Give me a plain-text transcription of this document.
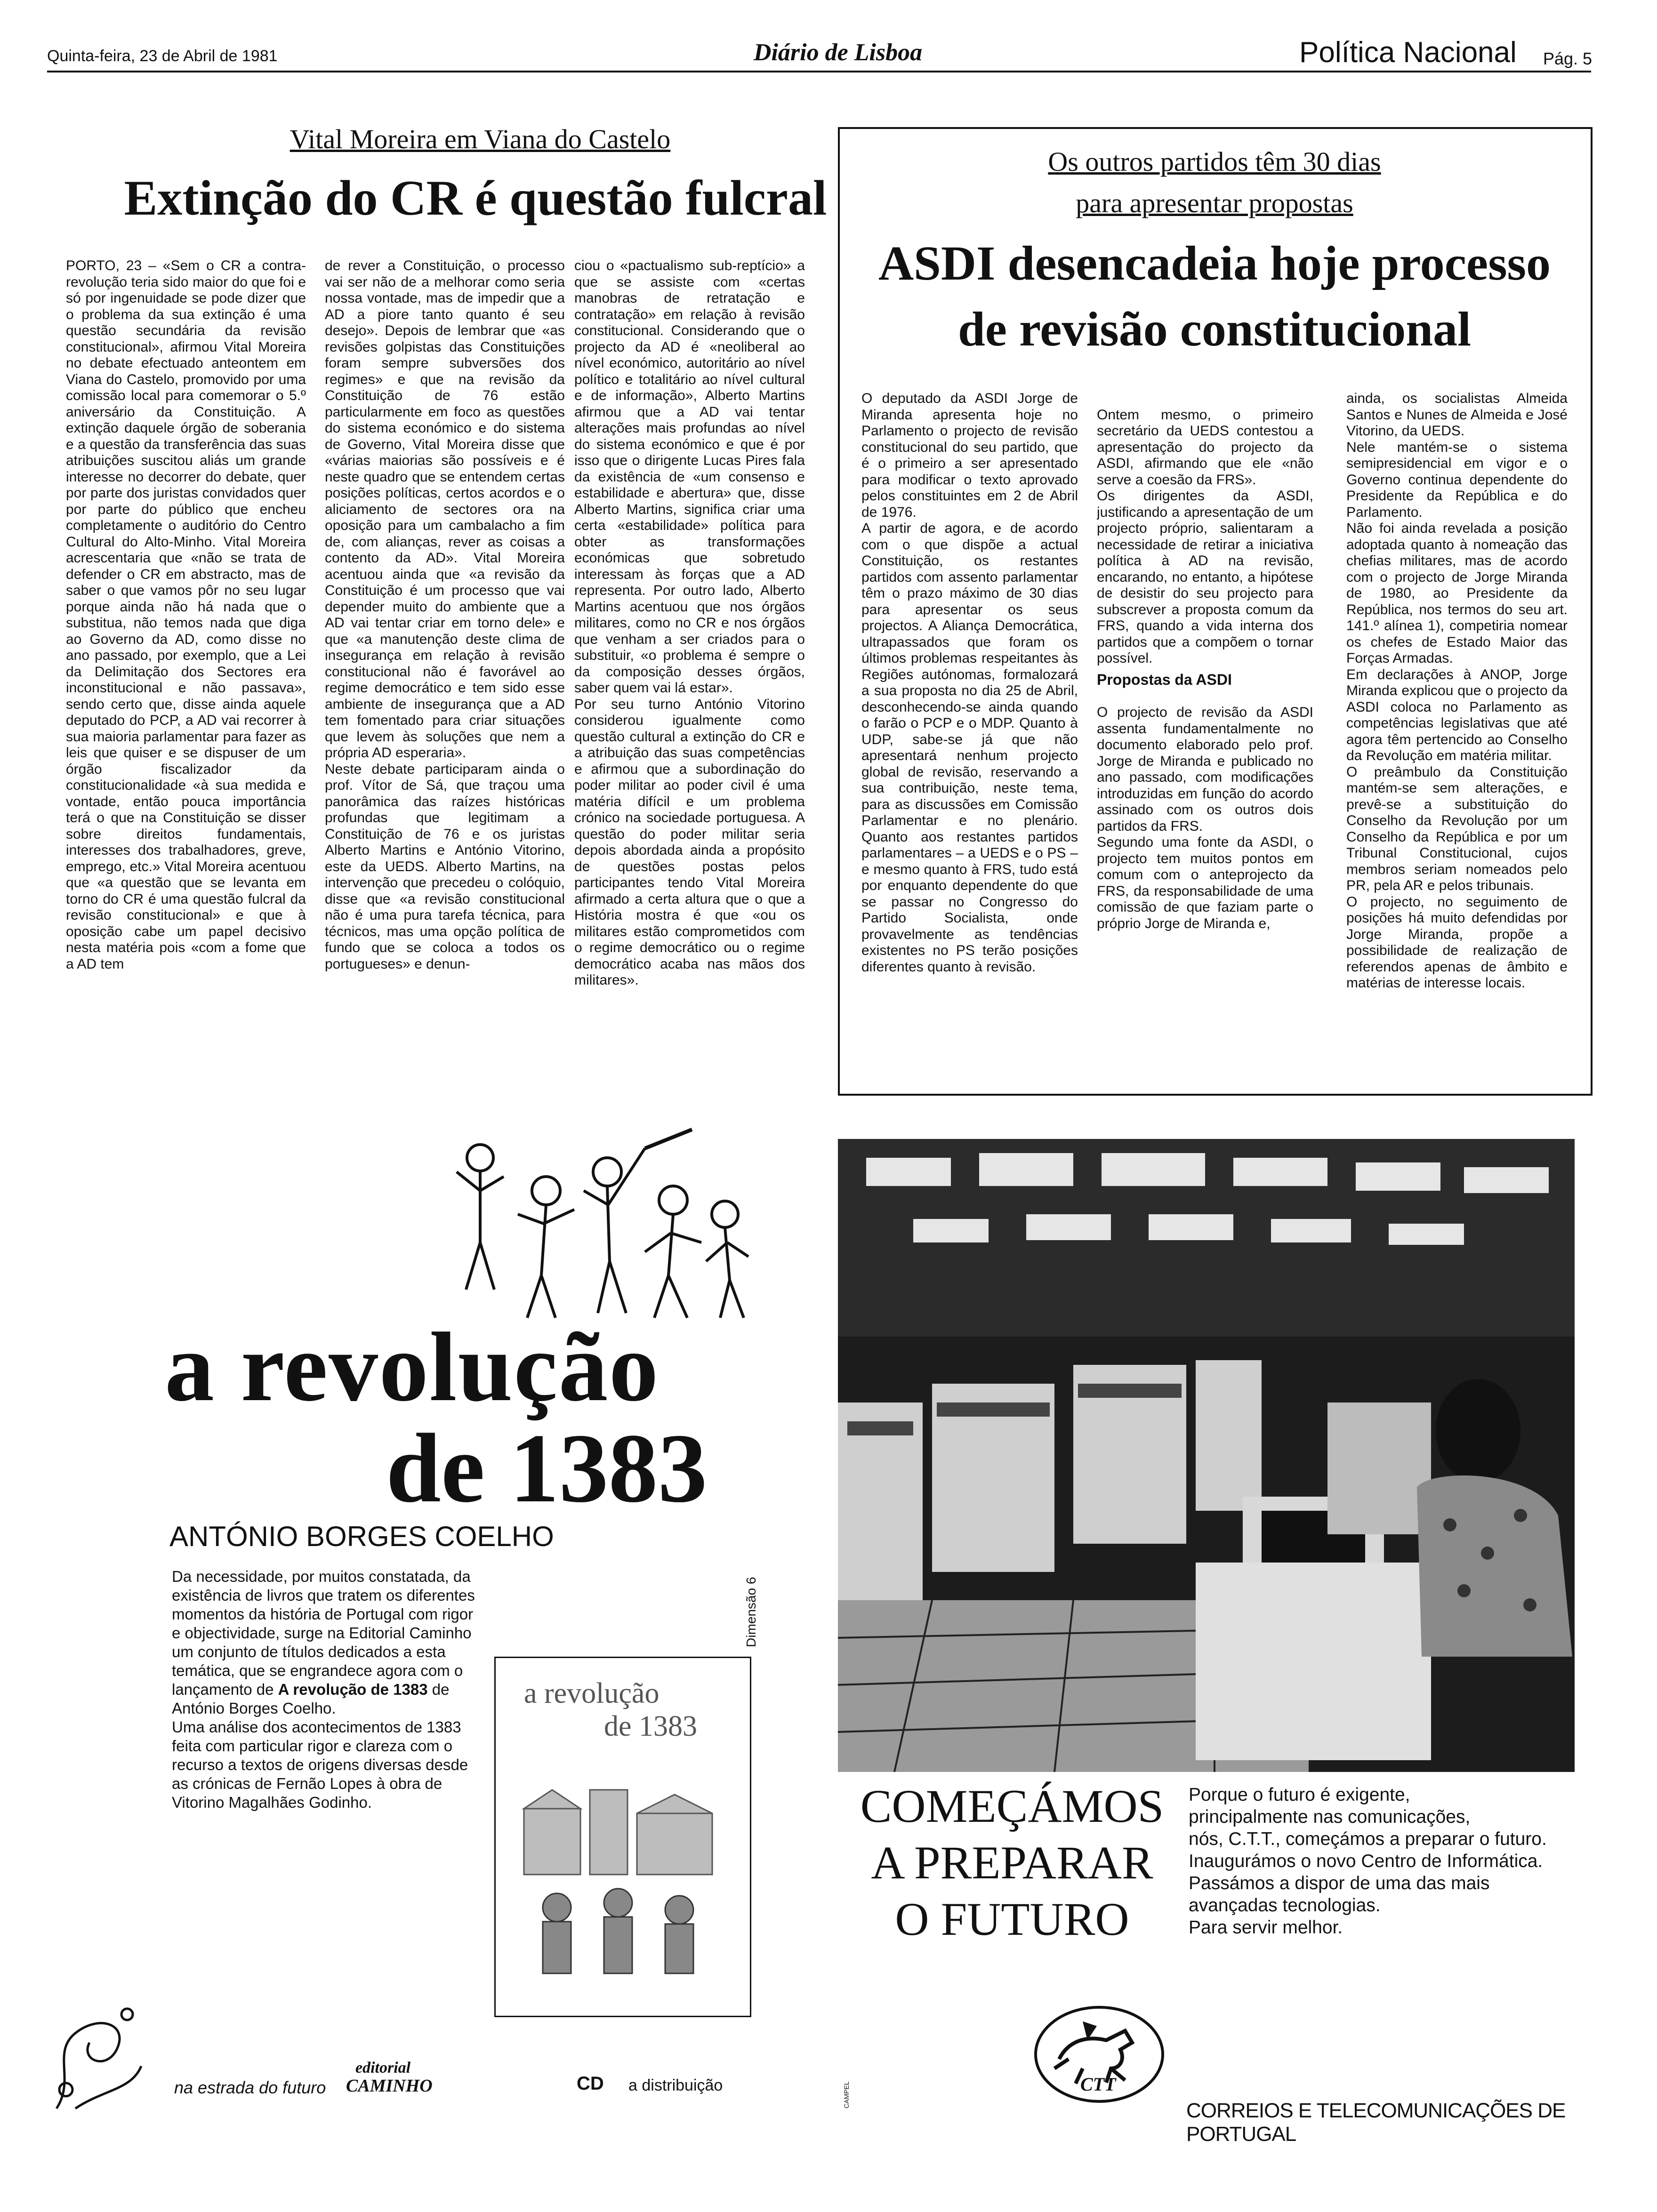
Quinta-feira, 23 de Abril de 1981	Diário de Lisboa	Política Nacional	Pág. 5
Vital Moreira em Viana do Castelo
Extinção do CR é questão fulcral
PORTO, 23 – «Sem o CR a contra-revolução teria sido maior do que foi e só por ingenuidade se pode dizer que o problema da sua extinção é uma questão secundária da revisão constitucional», afirmou Vital Moreira no debate efectuado anteontem em Viana do Castelo, promovido por uma comissão local para comemorar o 5.º aniversário da Constituição. A extinção daquele órgão de soberania e a questão da transferência das suas atribuições suscitou aliás um grande interesse no decorrer do debate, quer por parte dos juristas convidados quer por parte do público que encheu completamente o auditório do Centro Cultural do Alto-Minho. Vital Moreira acrescentaria que «não se trata de defender o CR em abstracto, mas de saber o que vamos pôr no seu lugar porque ainda não há nada que o substitua, não temos nada que diga ao Governo da AD, como disse no ano passado, por exemplo, que a Lei da Delimitação dos Sectores era inconstitucional e não passava», sendo certo que, disse ainda aquele deputado do PCP, a AD vai recorrer à sua maioria parlamentar para fazer as leis que quiser e se dispuser de um órgão fiscalizador da constitucionalidade «à sua medida e vontade, então pouca importância terá o que na Constituição se disser sobre direitos fundamentais, interesses dos trabalhadores, greve, emprego, etc.» Vital Moreira acentuou que «a questão que se levanta em torno do CR é uma questão fulcral da revisão constitucional» e que à oposição cabe um papel decisivo nesta matéria pois «com a fome que a AD tem
de rever a Constituição, o processo vai ser não de a melhorar como seria nossa vontade, mas de impedir que a AD a piore tanto quanto é seu desejo». Depois de lembrar que «as revisões golpistas das Constituições foram sempre subversões dos regimes» e que na revisão da Constituição de 76 estão particularmente em foco as questões do sistema económico e do sistema de Governo, Vital Moreira disse que «várias maiorias são possíveis e é neste quadro que se entendem certas posições políticas, certos acordos e o aliciamento de sectores ora na oposição para um cambalacho a fim de, com alianças, rever as coisas a contento da AD». Vital Moreira acentuou ainda que «a revisão da Constituição é um processo que vai depender muito do ambiente que a AD vai tentar criar em torno dele» e que «a manutenção deste clima de insegurança em relação à revisão constitucional não é favorável ao regime democrático e tem sido esse ambiente de insegurança que a AD tem fomentado para criar situações que levem às soluções que nem a própria AD esperaria».
Neste debate participaram ainda o prof. Vítor de Sá, que traçou uma panorâmica das raízes históricas profundas que legitimam a Constituição de 76 e os juristas Alberto Martins e António Vitorino, este da UEDS. Alberto Martins, na intervenção que precedeu o colóquio, disse que «a revisão constitucional não é uma pura tarefa técnica, para técnicos, mas uma opção política de fundo que se coloca a todos os portugueses» e denun-
ciou o «pactualismo sub-reptício» a que se assiste com «certas manobras de retratação e contratação» em relação à revisão constitucional. Considerando que o projecto da AD é «neoliberal ao nível económico, autoritário ao nível político e totalitário ao nível cultural e de informação», Alberto Martins afirmou que a AD vai tentar alterações mais profundas ao nível do sistema económico e que é por isso que o dirigente Lucas Pires fala da existência de «um consenso e estabilidade e abertura» que, disse Alberto Martins, significa criar uma certa «estabilidade» política para obter as transformações económicas que sobretudo interessam às forças que a AD representa. Por outro lado, Alberto Martins acentuou que nos órgãos militares, como no CR e nos órgãos que venham a ser criados para o substituir, «o problema é sempre o da composição desses órgãos, saber quem vai lá estar».
Por seu turno António Vitorino considerou igualmente como questão cultural a extinção do CR e a atribuição das suas competências e afirmou que a subordinação do poder militar ao poder civil é uma matéria difícil e um problema crónico na sociedade portuguesa. A questão do poder militar seria depois abordada ainda a propósito de questões postas pelos participantes tendo Vital Moreira afirmado a certa altura que o que a História mostra é que «ou os militares estão comprometidos com o regime democrático ou o regime democrático acaba nas mãos dos militares».
Os outros partidos têm 30 dias
para apresentar propostas
ASDI desencadeia hoje processo
de revisão constitucional
O deputado da ASDI Jorge de Miranda apresenta hoje no Parlamento o projecto de revisão constitucional do seu partido, que é o primeiro a ser apresentado para modificar o texto aprovado pelos constituintes em 2 de Abril de 1976.
A partir de agora, e de acordo com o que dispõe a actual Constituição, os restantes partidos com assento parlamentar têm o prazo máximo de 30 dias para apresentar os seus projectos. A Aliança Democrática, ultrapassados que foram os últimos problemas respeitantes às Regiões autónomas, formalozará a sua proposta no dia 25 de Abril, desconhecendo-se ainda quando o farão o PCP e o MDP. Quanto à UDP, sabe-se já que não apresentará nenhum projecto global de revisão, reservando a sua contribuição, neste tema, para as discussões em Comissão Parlamentar e no plenário. Quanto aos restantes partidos parlamentares – a UEDS e o PS – e mesmo quanto à FRS, tudo está por enquanto dependente do que se passar no Congresso do Partido Socialista, onde provavelmente as tendências existentes no PS terão posições diferentes quanto à revisão.

Ontem mesmo, o primeiro secretário da UEDS contestou a apresentação do projecto da ASDI, afirmando que ele «não serve a coesão da FRS».
Os dirigentes da ASDI, justificando a apresentação de um projecto próprio, salientaram a necessidade de retirar a iniciativa política à AD na revisão, encarando, no entanto, a hipótese de desistir do seu projecto para subscrever a proposta comum da FRS, quando a vida interna dos partidos que a compõem o tornar possível.

Propostas da ASDI

O projecto de revisão da ASDI assenta fundamentalmente no documento elaborado pelo prof. Jorge de Miranda e publicado no ano passado, com modificações introduzidas em função do acordo assinado com os outros dois partidos da FRS.
Segundo uma fonte da ASDI, o projecto tem muitos pontos em comum com o anteprojecto da FRS, da responsabilidade de uma comissão de que faziam parte o próprio Jorge de Miranda e,

ainda, os socialistas Almeida Santos e Nunes de Almeida e José Vitorino, da UEDS.
Nele mantém-se o sistema semipresidencial em vigor e o Governo continua dependente do Presidente da República e do Parlamento.
Não foi ainda revelada a posição adoptada quanto à nomeação das chefias militares, mas de acordo com o projecto de Jorge Miranda de 1980, ao Presidente da República, nos termos do seu art. 141.º alínea 1), competiria nomear os chefes de Estado Maior das Forças Armadas.
Em declarações à ANOP, Jorge Miranda explicou que o projecto da ASDI coloca no Parlamento as competências legislativas que até agora têm pertencido ao Conselho da Revolução em matéria militar.
O preâmbulo da Constituição mantém-se sem alterações, e prevê-se a substituição do Conselho da Revolução por um Conselho da República e por um Tribunal Constitucional, cujos membros seriam nomeados pelo PR, pela AR e pelos tribunais.
O projecto, no seguimento de posições há muito defendidas por Jorge Miranda, propõe a possibilidade de realização de referendos apenas de âmbito e matérias de interesse locais.
a revolução
de 1383
ANTÓNIO BORGES COELHO
Da necessidade, por muitos constatada, da existência de livros que tratem os diferentes momentos da história de Portugal com rigor e objectividade, surge na Editorial Caminho um conjunto de títulos dedicados a esta temática, que se engrandece agora com o lançamento de A revolução de 1383 de António Borges Coelho.
Uma análise dos acontecimentos de 1383 feita com particular rigor e clareza com o recurso a textos de origens diversas desde as crónicas de Fernão Lopes à obra de Vitorino Magalhães Godinho.
a revolução
de 1383
Dimensão 6
na estrada do futuro
editorial
CAMINHO	CD a distribuição
COMEÇÁMOS
A PREPARAR
O FUTURO
Porque o futuro é exigente,
principalmente nas comunicações,
nós, C.T.T., começámos a preparar o futuro.
Inaugurámos o novo Centro de Informática.
Passámos a dispor de uma das mais
avançadas tecnologias.
Para servir melhor.
CTT
CAMPEL
CORREIOS E TELECOMUNICAÇÕES DE PORTUGAL
